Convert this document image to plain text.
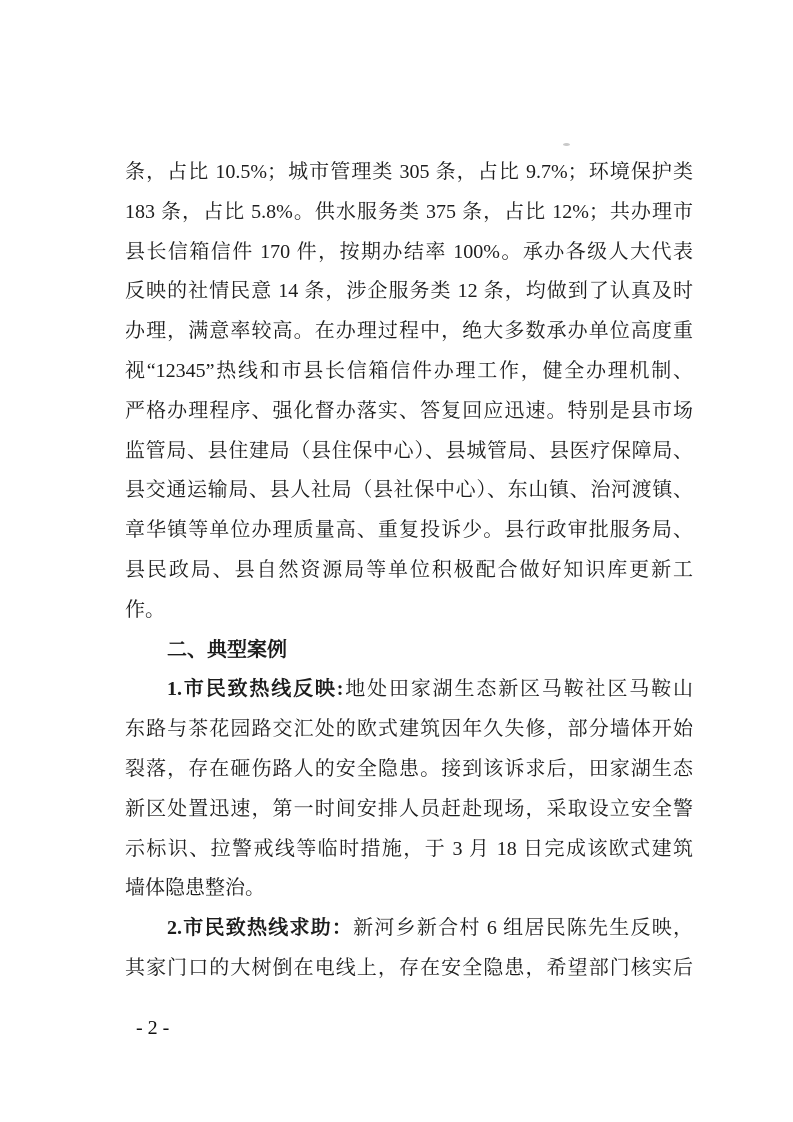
条，占比 10.5%；城市管理类 305 条，占比 9.7%；环境保护类
183 条，占比 5.8%。供水服务类 375 条，占比 12%；共办理市
县长信箱信件 170 件，按期办结率 100%。承办各级人大代表
反映的社情民意 14 条，涉企服务类 12 条，均做到了认真及时
办理，满意率较高。在办理过程中，绝大多数承办单位高度重
视“12345”热线和市县长信箱信件办理工作，健全办理机制、
严格办理程序、强化督办落实、答复回应迅速。特别是县市场
监管局、县住建局（县住保中心）、县城管局、县医疗保障局、
县交通运输局、县人社局（县社保中心）、东山镇、治河渡镇、
章华镇等单位办理质量高、重复投诉少。县行政审批服务局、
县民政局、县自然资源局等单位积极配合做好知识库更新工
作。
二、典型案例
1.市民致热线反映:地处田家湖生态新区马鞍社区马鞍山
东路与茶花园路交汇处的欧式建筑因年久失修，部分墙体开始
裂落，存在砸伤路人的安全隐患。接到该诉求后，田家湖生态
新区处置迅速，第一时间安排人员赶赴现场，采取设立安全警
示标识、拉警戒线等临时措施，于 3 月 18 日完成该欧式建筑
墙体隐患整治。
2.市民致热线求助：新河乡新合村 6 组居民陈先生反映，
其家门口的大树倒在电线上，存在安全隐患，希望部门核实后
- 2 -
